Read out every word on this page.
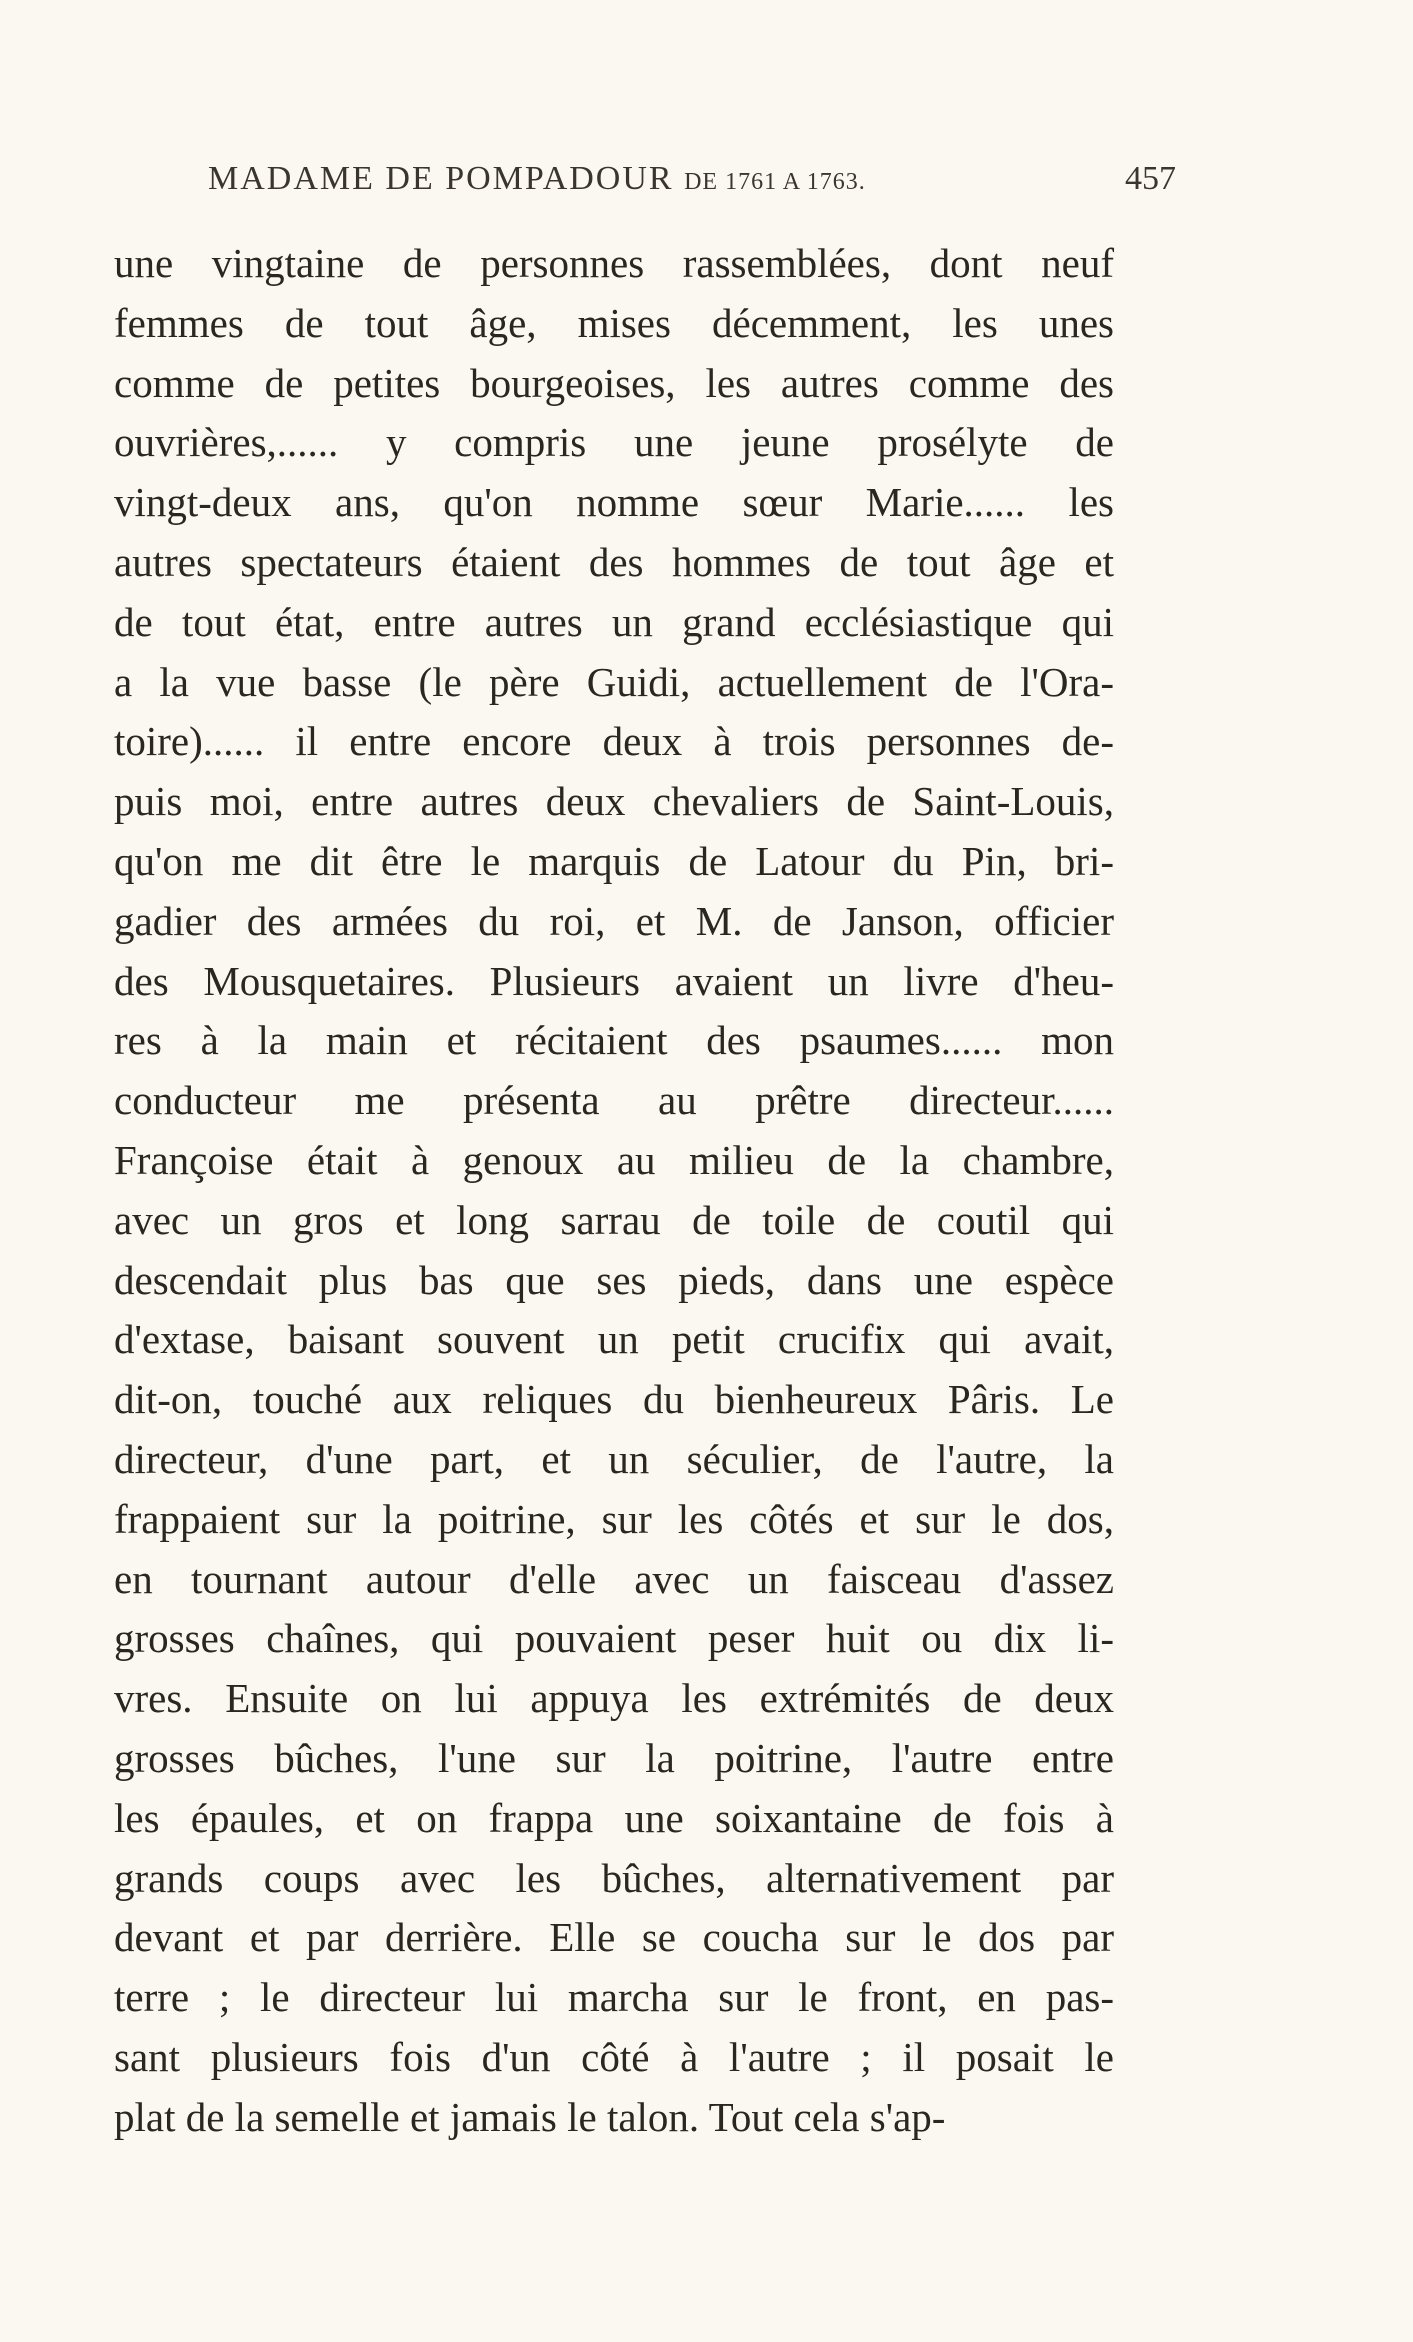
MADAME DE POMPADOUR DE 1761 A 1763.	457
une vingtaine de personnes rassemblées, dont neuf
femmes de tout âge, mises décemment, les unes
comme de petites bourgeoises, les autres comme des
ouvrières,...... y compris une jeune prosélyte de
vingt-deux ans, qu'on nomme sœur Marie...... les
autres spectateurs étaient des hommes de tout âge et
de tout état, entre autres un grand ecclésiastique qui
a la vue basse (le père Guidi, actuellement de l'Ora-
toire)...... il entre encore deux à trois personnes de-
puis moi, entre autres deux chevaliers de Saint-Louis,
qu'on me dit être le marquis de Latour du Pin, bri-
gadier des armées du roi, et M. de Janson, officier
des Mousquetaires. Plusieurs avaient un livre d'heu-
res à la main et récitaient des psaumes...... mon
conducteur me présenta au prêtre directeur......
Françoise était à genoux au milieu de la chambre,
avec un gros et long sarrau de toile de coutil qui
descendait plus bas que ses pieds, dans une espèce
d'extase, baisant souvent un petit crucifix qui avait,
dit-on, touché aux reliques du bienheureux Pâris. Le
directeur, d'une part, et un séculier, de l'autre, la
frappaient sur la poitrine, sur les côtés et sur le dos,
en tournant autour d'elle avec un faisceau d'assez
grosses chaînes, qui pouvaient peser huit ou dix li-
vres. Ensuite on lui appuya les extrémités de deux
grosses bûches, l'une sur la poitrine, l'autre entre
les épaules, et on frappa une soixantaine de fois à
grands coups avec les bûches, alternativement par
devant et par derrière. Elle se coucha sur le dos par
terre ; le directeur lui marcha sur le front, en pas-
sant plusieurs fois d'un côté à l'autre ; il posait le
plat de la semelle et jamais le talon. Tout cela s'ap-
